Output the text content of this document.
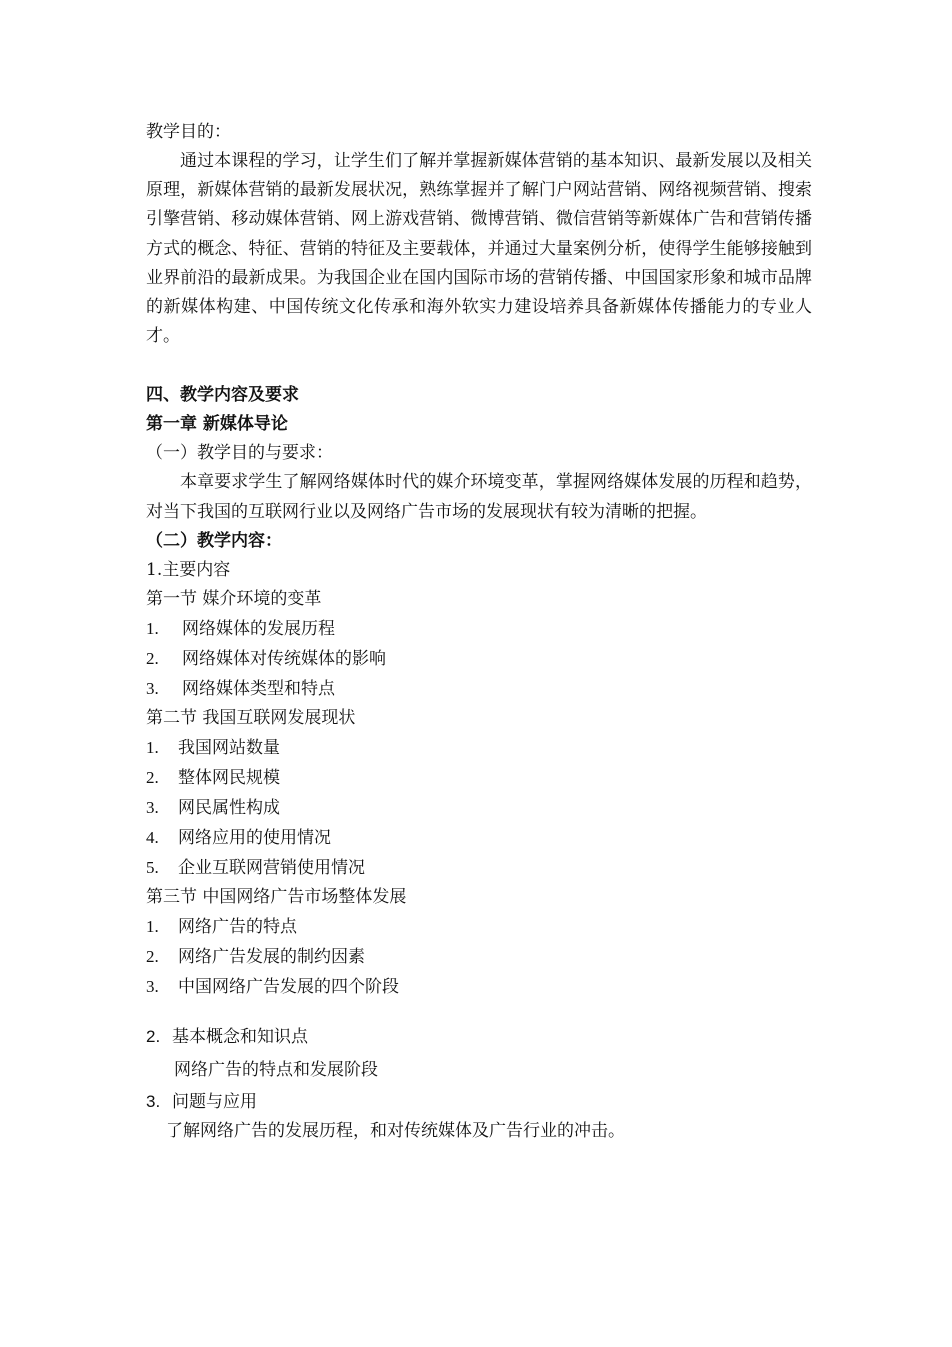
教学目的：

通过本课程的学习，让学生们了解并掌握新媒体营销的基本知识、最新发展以及相关原理，新媒体营销的最新发展状况，熟练掌握并了解门户网站营销、网络视频营销、搜索引擎营销、移动媒体营销、网上游戏营销、微博营销、微信营销等新媒体广告和营销传播方式的概念、特征、营销的特征及主要载体，并通过大量案例分析，使得学生能够接触到业界前沿的最新成果。为我国企业在国内国际市场的营销传播、中国国家形象和城市品牌的新媒体构建、中国传统文化传承和海外软实力建设培养具备新媒体传播能力的专业人才。

四、教学内容及要求
第一章 新媒体导论
（一）教学目的与要求：

本章要求学生了解网络媒体时代的媒介环境变革，掌握网络媒体发展的历程和趋势，对当下我国的互联网行业以及网络广告市场的发展现状有较为清晰的把握。

（二）教学内容：
1.主要内容
第一节 媒介环境的变革
1. 网络媒体的发展历程
2. 网络媒体对传统媒体的影响
3. 网络媒体类型和特点
第二节 我国互联网发展现状
1. 我国网站数量
2. 整体网民规模
3. 网民属性构成
4. 网络应用的使用情况
5. 企业互联网营销使用情况
第三节 中国网络广告市场整体发展
1. 网络广告的特点
2. 网络广告发展的制约因素
3. 中国网络广告发展的四个阶段
2. 基本概念和知识点
网络广告的特点和发展阶段
3. 问题与应用
了解网络广告的发展历程，和对传统媒体及广告行业的冲击。
